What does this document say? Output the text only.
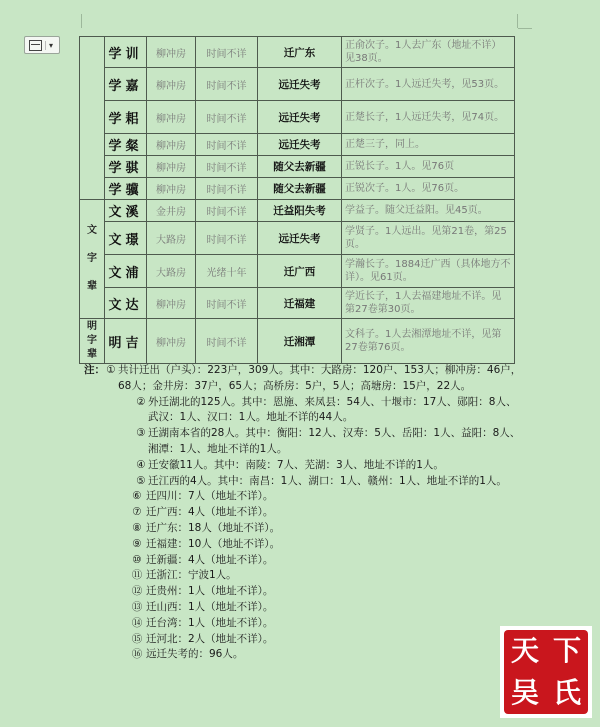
▾
	学训	柳冲房	时间不详	迁广东	正俞次子。1人去广东（地址不详）见38页。
	学嘉	柳冲房	时间不详	远迁失考	正杆次子。1人远迁失考，见53页。
	学耜	柳冲房	时间不详	远迁失考	正楚长子，1人远迁失考，见74页。
	学粲	柳冲房	时间不详	远迁失考	正楚三子，同上。
	学骐	柳冲房	时间不详	随父去新疆	正锐长子。1人。见76页
	学骥	柳冲房	时间不详	随父去新疆	正锐次子。1人。见76页。
文字辈	文溪	金井房	时间不详	迁益阳失考	学益子。随父迁益阳。见45页。
	文璟	大路房	时间不详	远迁失考	学贤子。1人远出。见第21卷，第25页。
	文浦	大路房	光绪十年	迁广西	学瀚长子。1884迁广西（具体地方不详）。见61页。
	文达	柳冲房	时间不详	迁福建	学近长子，1人去福建地址不详。见第27卷第30页。
明字辈	明吉	柳冲房	时间不详	迁湘潭	文科子。1人去湘潭地址不详，见第27卷第76页。
注： ① 共计迁出（户头）：223户，309人。其中：大路房：120户、153人；柳冲房：46户，68人；金井房：37户，65人；高桥房：5户，5人；高塘房：15户，22人。
② 外迁湖北的125人。其中：恩施、来凤县：54人、十堰市：17人、郧阳：8人、武汉：1人、汉口：1人。地址不详的44人。
③ 迁湖南本省的28人。其中：衡阳：12人、汉寿：5人、岳阳：1人、益阳：8人、湘潭：1人、地址不详的1人。
④ 迁安徽11人。其中：南陵：7人、芜湖：3人、地址不详的1人。
⑤ 迁江西的4人。其中：南昌：1人、湖口：1人、赣州：1人、地址不详的1人。
⑥ 迁四川：7人（地址不详）。
⑦ 迁广西：4人（地址不详）。
⑧ 迁广东：18人（地址不详）。
⑨ 迁福建：10人（地址不详）。
⑩ 迁新疆：4人（地址不详）。
⑪ 迁浙江：宁波1人。
⑫ 迁贵州：1人（地址不详）。
⑬ 迁山西：1人（地址不详）。
⑭ 迁台湾：1人（地址不详）。
⑮ 迁河北：2人（地址不详）。
⑯ 远迁失考的：96人。	天 下
吴 氏
